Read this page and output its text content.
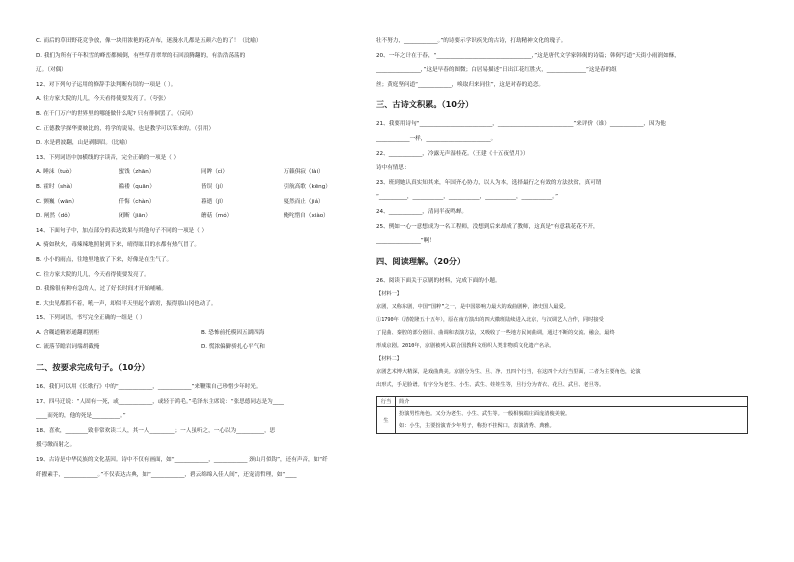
C. 而后的草田野花竞争放，像一块用浓艳的花卉布，迷漫水儿都是五颜六色的了！（比喻）
D. 我们为所有千年积雪的峰峦都倾倒，有些草青翠翠的石回浪腾翻的，有浩浩荡荡的
辽。（对偶）
12、对下列句子运用的修辞手法判断有误的一项是（ ）。
A. 往方家大院的儿儿，今天看得使要发亮了。（夸张）
B. 在千门万户的世界里的哪能做什么呢? 只有徘徊罢了。（反问）
C. 正德教学探华要映比的，将学的说易，也是教学可以笨来的。（引用）
D. 水是碧波翻，山是剥脚眉。（比喻）
13、下列词语中加横线的字读音，完全正确的一项是（ ）
A. 睡沫（tuò）	蜜饯（zhān）	同眸（cì）	万籁俱寂（lài）
B. 霍时（shà）	褴褛（quān）	皆误（jí）	引航高歌（kēng）
C. 颤巍（wān）	仟悔（chàn）	暮逝（jǐ）	戛然而止（jiá）
D. 闸然（dǒ）	闭断（jiān）	蘑菇（mó）	俺咤惜自（xiào）
14、下面句子中，加点部分的表达效果与其他句子不同的一项是（ ）
A. 骑如秋火，毒辣辣地照射到下来，晴得眩目的水都有热气冒了。
B. 小小的雨点，往地里地放了下来，好像是在生气了。
C. 往方家大院的儿儿，今天看得使要发亮了。
D. 我像很有种有急的人，过了好长时间才开始哺嗑。
E. 大虫见都抓不着，吼一声，却似半天里起个霹雳，振得那山冈也动了。
15、下列词语，书写完全正确的一组是（ ）
A. 含糊道精彩通翻胡割柜	B. 恐怖前托模因五湖四海
C. 流落节瞻岩词端胡截掩	D. 慌浓偏僻骄扎心平气和
二、按要求完成句子。（10分）
16、我们可以用《长歌行》中的“____________，____________”来鞭策自己珍惜少年时光。
17、四马迁说：“人固有一死，或____________，或轻于鸿毛。”毛泽东主席说：“张思德同志是为____
____而死的，他的死是__________。”
18、喜欢，________致非常欢读二人，其一人_________；一人虽听之，一心以为__________，思
援弓缴而射之。
19、古诗是中华民族的文化基因。诗中不仅有画面，如“____________，____________ 颈山月似钩”，还有声音，如“纤
纤擢素手，____________。”不仅表达古典，如“____________，碧云绵绵入佳人间”，还宠清哲理，如“____
壮不努力，____________。”的诗要示学识疾先的古诗，打劫精神文化的瑰子。
20、一年之计在于春，“__________________________________，”这是唐代文学家韩偈的诗篇；韩偈写道“天街小雨润如酥，
________________，”这是早春的图微；白居易描述“日出江花红胜火，______________”这是春的组
丝；黄庭坚问道“____________，唤取归来同住”，这是对春的追恋。
三、古诗文积累。（10分）
21、我要用诗句“__________________________，___________________________”来评价（谁）____________，因为他
____________一样，_______________________。
22、____________，冷露无声湿桂花。（王建《十五夜望月》）
诗中有情思：
23、班到她认真实知其来，年国齐心协力，以人为本，选择最行之有效的方法扶贫，真可谓
“__________，___________，___________，___________，___________。”
24、____________，清同半夜鸣蝉。
25、例如一心一意想成为一名工程师，没想到后来却成了教师，这真是“有意栽花花不开，
________________”啊！
四、阅读理解。（20分）
26、阅读下面关于京剧的材料，完成下面的小题。
【材料一】
京剧，又称东剧，中国“国粹”之一，是中国影响力最大的戏曲剧种，涤史国人最爱。
①1790年（清乾隆五十五年），原在南方演出的四大徽班陆续进入北京，与汉调艺人合作，同时接受
了昆曲、秦腔的部分剧目、曲调和表演方法，又吸收了一些地方民间曲调，通过不断的交流、融会，最终
形成京剧。2010年，京剧被列入联合国教科文组织人类非物质文化遗产名录。
【材料二】
京剧艺术博大精深，是戏曲典美。京剧分为生、旦、净、丑四个行当，在这四个大行当里面，二者为主要角色，论演
出形式，手足脸谱。有字分为老生、小生、武生、娃娃生等，旦行分为青衣、花旦、武旦、老旦等。
行当	简介
生	扮演男性角色。又分为老生、小生、武生等。一般相貌端庄面庞清俊美貌。
如：小生，主要扮演青少年男子，称扮不挂髯口，表演清秀、典雅。
